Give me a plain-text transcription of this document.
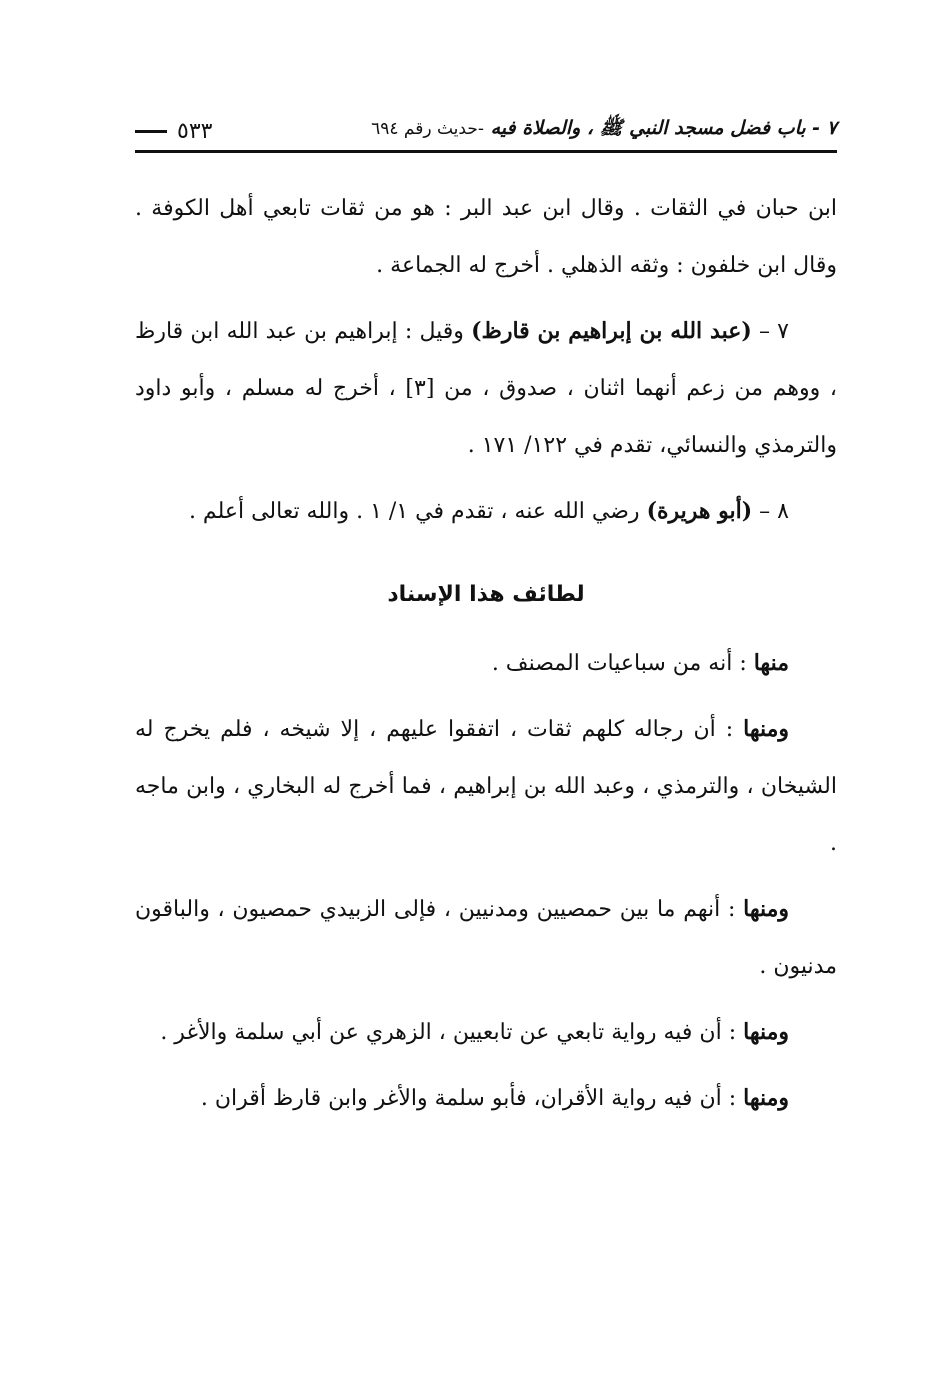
٧ - باب فضل مسجد النبي ﷺ ، والصلاة فيه -حديث رقم ٦٩٤
٥٣٣

ابن حبان في الثقات . وقال ابن عبد البر : هو من ثقات تابعي أهل الكوفة . وقال ابن خلفون : وثقه الذهلي . أخرج له الجماعة .

٧ – (عبد الله بن إبراهيم بن قارظ) وقيل : إبراهيم بن عبد الله ابن قارظ ، ووهم من زعم أنهما اثنان ، صدوق ، من [٣] ، أخرج له مسلم ، وأبو داود والترمذي والنسائي، تقدم في ١٢٢/ ١٧١ .

٨ – (أبو هريرة) رضي الله عنه ، تقدم في ١/ ١ . والله تعالى أعلم .

لطائف هذا الإسناد

منها : أنه من سباعيات المصنف .

ومنها : أن رجاله كلهم ثقات ، اتفقوا عليهم ، إلا شيخه ، فلم يخرج له الشيخان ، والترمذي ، وعبد الله بن إبراهيم ، فما أخرج له البخاري ، وابن ماجه .

ومنها : أنهم ما بين حمصيين ومدنيين ، فإلى الزبيدي حمصيون ، والباقون مدنيون .

ومنها : أن فيه رواية تابعي عن تابعيين ، الزهري عن أبي سلمة والأغر .

ومنها : أن فيه رواية الأقران، فأبو سلمة والأغر وابن قارظ أقران .
